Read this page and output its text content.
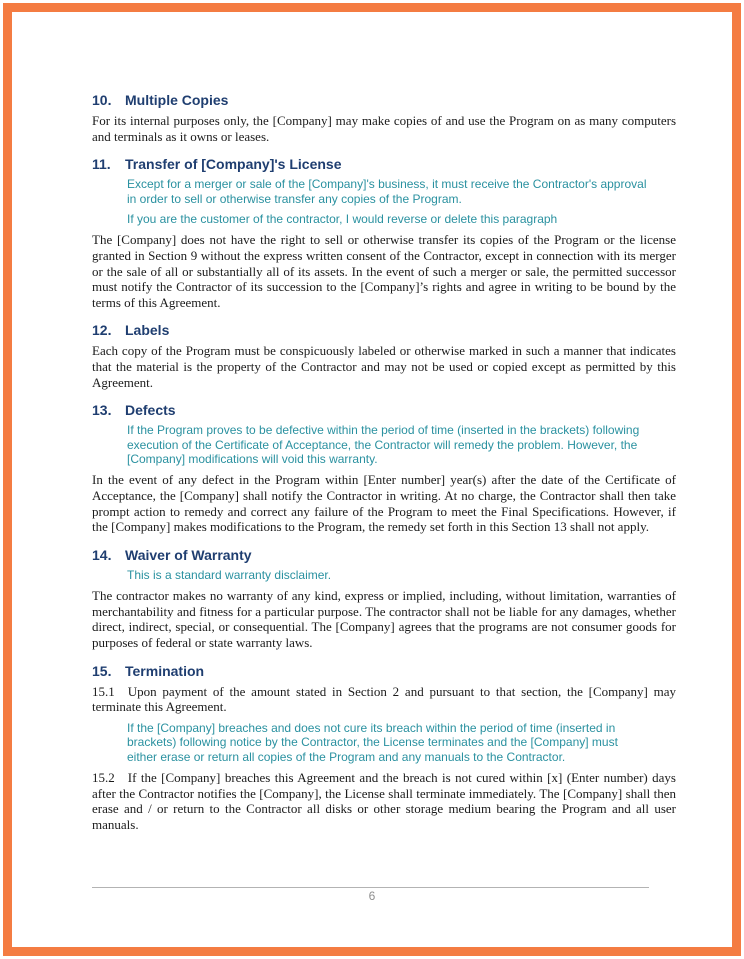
10. Multiple Copies

For its internal purposes only, the [Company] may make copies of and use the Program on as many computers and terminals as it owns or leases.

11.	Transfer of [Company]'s License

Except for a merger or sale of the [Company]'s business, it must receive the Contractor's approval in order to sell or otherwise transfer any copies of the Program.

If you are the customer of the contractor, I would reverse or delete this paragraph

The [Company] does not have the right to sell or otherwise transfer its copies of the Program or the license granted in Section 9 without the express written consent of the Contractor, except in connection with its merger or the sale of all or substantially all of its assets. In the event of such a merger or sale, the permitted successor must notify the Contractor of its succession to the [Company]’s rights and agree in writing to be bound by the terms of this Agreement.

12. Labels

Each copy of the Program must be conspicuously labeled or otherwise marked in such a manner that indicates that the material is the property of the Contractor and may not be used or copied except as permitted by this Agreement.

13. Defects

If the Program proves to be defective within the period of time (inserted in the brackets) following execution of the Certificate of Acceptance, the Contractor will remedy the problem. However, the [Company] modifications will void this warranty.

In the event of any defect in the Program within [Enter number] year(s) after the date of the Certificate of Acceptance, the [Company] shall notify the Contractor in writing. At no charge, the Contractor shall then take prompt action to remedy and correct any failure of the Program to meet the Final Specifications. However, if the [Company] makes modifications to the Program, the remedy set forth in this Section 13 shall not apply.

14. Waiver of Warranty

This is a standard warranty disclaimer.

The contractor makes no warranty of any kind, express or implied, including, without limitation, warranties of merchantability and fitness for a particular purpose. The contractor shall not be liable for any damages, whether direct, indirect, special, or consequential. The [Company] agrees that the programs are not consumer goods for purposes of federal or state warranty laws.

15. Termination

15.1 Upon payment of the amount stated in Section 2 and pursuant to that section, the [Company] may terminate this Agreement.

If the [Company] breaches and does not cure its breach within the period of time (inserted in brackets) following notice by the Contractor, the License terminates and the [Company] must either erase or return all copies of the Program and any manuals to the Contractor.

15.2 If the [Company] breaches this Agreement and the breach is not cured within [x] (Enter number) days after the Contractor notifies the [Company], the License shall terminate immediately. The [Company] shall then erase and / or return to the Contractor all disks or other storage medium bearing the Program and all user manuals.

6
